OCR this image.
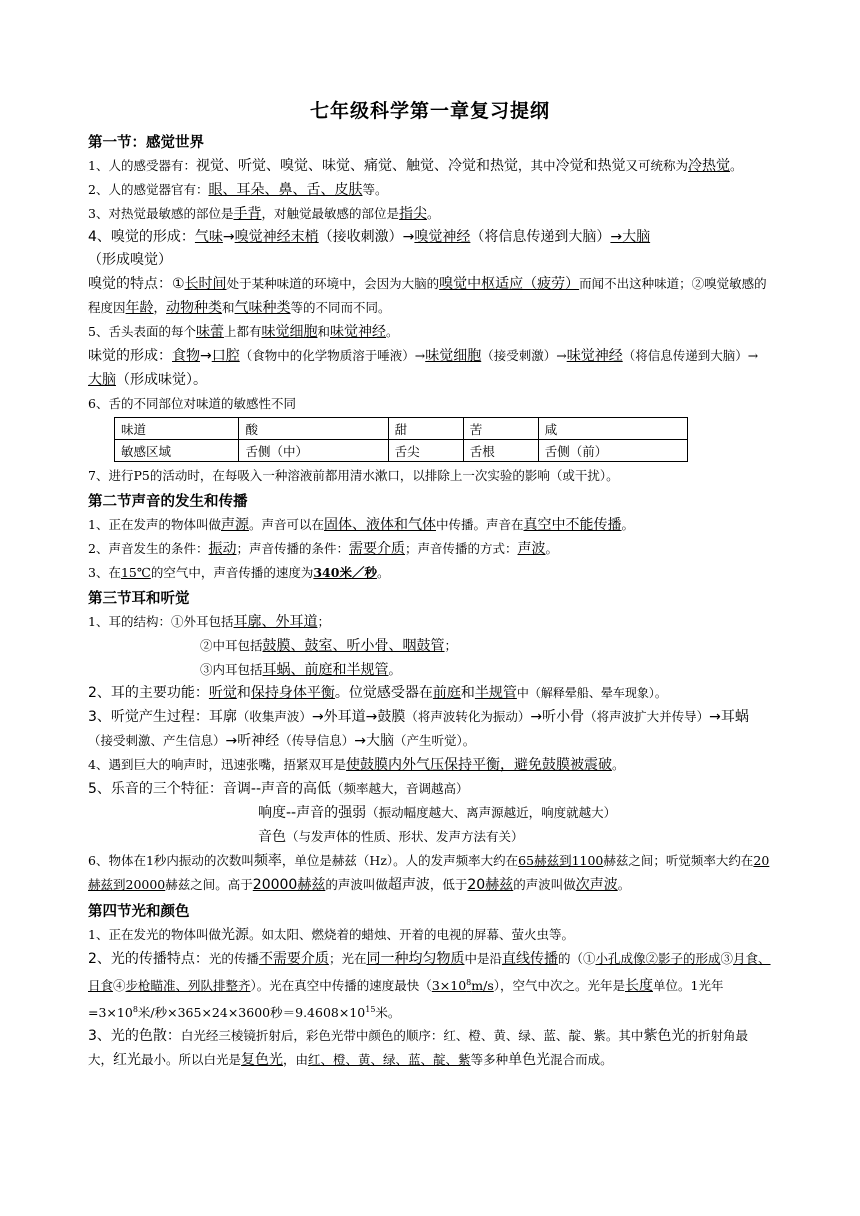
七年级科学第一章复习提纲
第一节：感觉世界

1、人的感受器有：视觉、听觉、嗅觉、味觉、痛觉、触觉、冷觉和热觉，其中冷觉和热觉又可统称为冷热觉。

2、人的感觉器官有：眼、耳朵、鼻、舌、皮肤等。

3、对热觉最敏感的部位是手背，对触觉最敏感的部位是指尖。

4、嗅觉的形成：气味→嗅觉神经末梢（接收刺激）→嗅觉神经（将信息传递到大脑）→大脑
（形成嗅觉）

嗅觉的特点：①长时间处于某种味道的环境中，会因为大脑的嗅觉中枢适应（疲劳）而闻不出这种味道；②嗅觉敏感的程度因年龄，动物种类和气味种类等的不同而不同。

5、舌头表面的每个味蕾上都有味觉细胞和味觉神经。

味觉的形成：食物→口腔（食物中的化学物质溶于唾液）→味觉细胞（接受刺激）→味觉神经（将信息传递到大脑）→大脑（形成味觉）。

6、舌的不同部位对味道的敏感性不同

味道	酸	甜	苦	咸
敏感区域	舌侧（中）	舌尖	舌根	舌侧（前）

7、进行P5的活动时，在每吸入一种溶液前都用清水漱口，以排除上一次实验的影响（或干扰）。

第二节声音的发生和传播

1、正在发声的物体叫做声源。声音可以在固体、液体和气体中传播。声音在真空中不能传播。

2、声音发生的条件：振动；声音传播的条件：需要介质；声音传播的方式：声波。

3、在15℃的空气中，声音传播的速度为340米／秒。

第三节耳和听觉

1、耳的结构：①外耳包括耳廓、外耳道；

②中耳包括鼓膜、鼓室、听小骨、咽鼓管；

③内耳包括耳蜗、前庭和半规管。

2、耳的主要功能：听觉和保持身体平衡。位觉感受器在前庭和半规管中（解释晕船、晕车现象）。

3、听觉产生过程：耳廓（收集声波）→外耳道→鼓膜（将声波转化为振动）→听小骨（将声波扩大并传导）→耳蜗（接受刺激、产生信息）→听神经（传导信息）→大脑（产生听觉）。

4、遇到巨大的响声时，迅速张嘴，捂紧双耳是使鼓膜内外气压保持平衡，避免鼓膜被震破。

5、乐音的三个特征：音调--声音的高低（频率越大，音调越高）

响度--声音的强弱（振动幅度越大、离声源越近，响度就越大）

音色（与发声体的性质、形状、发声方法有关）

6、物体在1秒内振动的次数叫频率，单位是赫兹（Hz）。人的发声频率大约在65赫兹到1100赫兹之间；听觉频率大约在20赫兹到20000赫兹之间。高于20000赫兹的声波叫做超声波，低于20赫兹的声波叫做次声波。

第四节光和颜色

1、正在发光的物体叫做光源。如太阳、燃烧着的蜡烛、开着的电视的屏幕、萤火虫等。

2、光的传播特点：光的传播不需要介质；光在同一种均匀物质中是沿直线传播的（①小孔成像②影子的形成③月食、日食④步枪瞄准、列队排整齐）。光在真空中传播的速度最快$(3\times 10^8m/s)$，空气中次之。光年是长度单位。1光年$=3\times 10^8$米/秒×365×24×3600秒$=9.4608\times 10^{15}$米。

3、光的色散：白光经三棱镜折射后，彩色光带中颜色的顺序：红、橙、黄、绿、蓝、靛、紫。其中紫色光的折射角最大，红光最小。所以白光是复色光，由红、橙、黄、绿、蓝、靛、紫等多种单色光混合而成。
